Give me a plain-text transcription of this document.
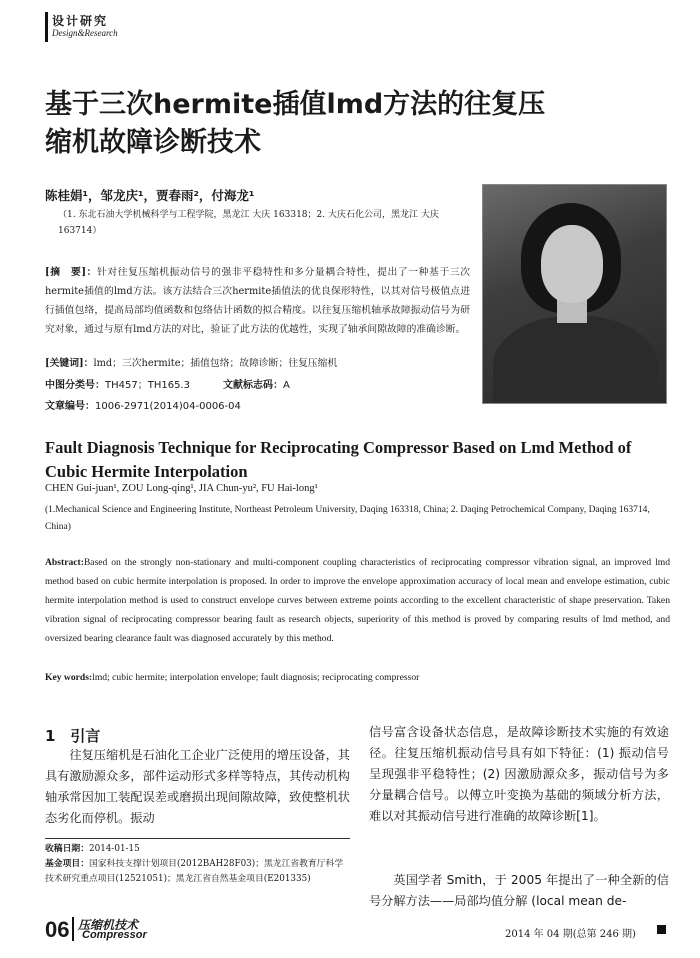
设计研究
Design&Research
基于三次hermite插值lmd方法的往复压缩机故障诊断技术
陈桂娟¹，邹龙庆¹，贾春雨²，付海龙¹
（1. 东北石油大学机械科学与工程学院，黑龙江 大庆 163318；2. 大庆石化公司，黑龙江 大庆 163714）
[摘　要]：针对往复压缩机振动信号的强非平稳特性和多分量耦合特性，提出了一种基于三次hermite插值的lmd方法。该方法结合三次hermite插值法的优良保形特性，以其对信号极值点进行插值包络，提高局部均值函数和包络估计函数的拟合精度。以往复压缩机轴承故障振动信号为研究对象，通过与原有lmd方法的对比，验证了此方法的优越性，实现了轴承间隙故障的准确诊断。
[关键词]：lmd；三次hermite；插值包络；故障诊断；往复压缩机
中图分类号：TH457；TH165.3	文献标志码：A
文章编号：1006-2971(2014)04-0006-04
Fault Diagnosis Technique for Reciprocating Compressor Based on Lmd Method of Cubic Hermite Interpolation
CHEN Gui-juan¹, ZOU Long-qing¹, JIA Chun-yu², FU Hai-long¹
(1.Mechanical Science and Engineering Institute, Northeast Petroleum University, Daqing 163318, China; 2. Daqing Petrochemical Company, Daqing 163714, China)
Abstract:Based on the strongly non-stationary and multi-component coupling characteristics of reciprocating compressor vibration signal, an improved lmd method based on cubic hermite interpolation is proposed. In order to improve the envelope approximation accuracy of local mean and envelope estimation, cubic hermite interpolation method is used to construct envelope curves between extreme points according to the excellent characteristic of shape preservation. Taken vibration signal of reciprocating compressor bearing fault as research objects, superiority of this method is proved by comparing results of lmd method, and oversized bearing clearance fault was diagnosed accurately by this method.
Key words:lmd; cubic hermite; interpolation envelope; fault diagnosis; reciprocating compressor
1　引言
往复压缩机是石油化工企业广泛使用的增压设备，其具有激励源众多，部件运动形式多样等特点，其传动机构轴承常因加工装配误差或磨损出现间隙故障，致使整机状态劣化而停机。振动
信号富含设备状态信息，是故障诊断技术实施的有效途径。往复压缩机振动信号具有如下特征：(1) 振动信号呈现强非平稳特性；(2) 因激励源众多，振动信号为多分量耦合信号。以傅立叶变换为基础的频域分析方法，难以对其振动信号进行准确的故障诊断[1]。
英国学者 Smith，于 2005 年提出了一种全新的信号分解方法——局部均值分解 (local mean de-
收稿日期：2014-01-15
基金项目：国家科技支撑计划项目(2012BAH28F03)；黑龙江省教育厅科学技术研究重点项目(12521051)；黑龙江省自然基金项目(E201335)
06 压缩机技术
Compressor	2014 年 04 期(总第 246 期)
